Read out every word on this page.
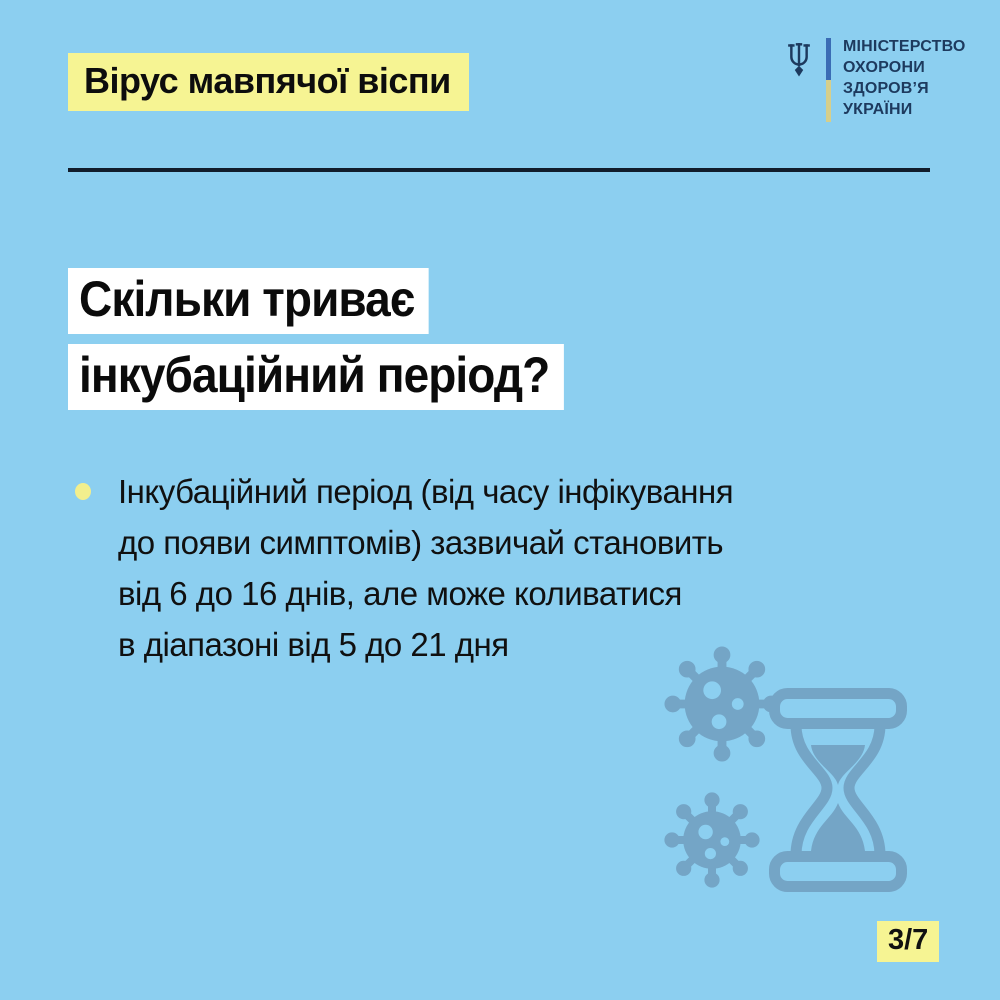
Вірус мавпячої віспи
МІНІСТЕРСТВО
ОХОРОНИ
ЗДОРОВ’Я
УКРАЇНИ
Скільки триває
інкубаційний період?
Інкубаційний період (від часу інфікування
до появи симптомів) зазвичай становить
від 6 до 16 днів, але може коливатися
в діапазоні від 5 до 21 дня
3/7
